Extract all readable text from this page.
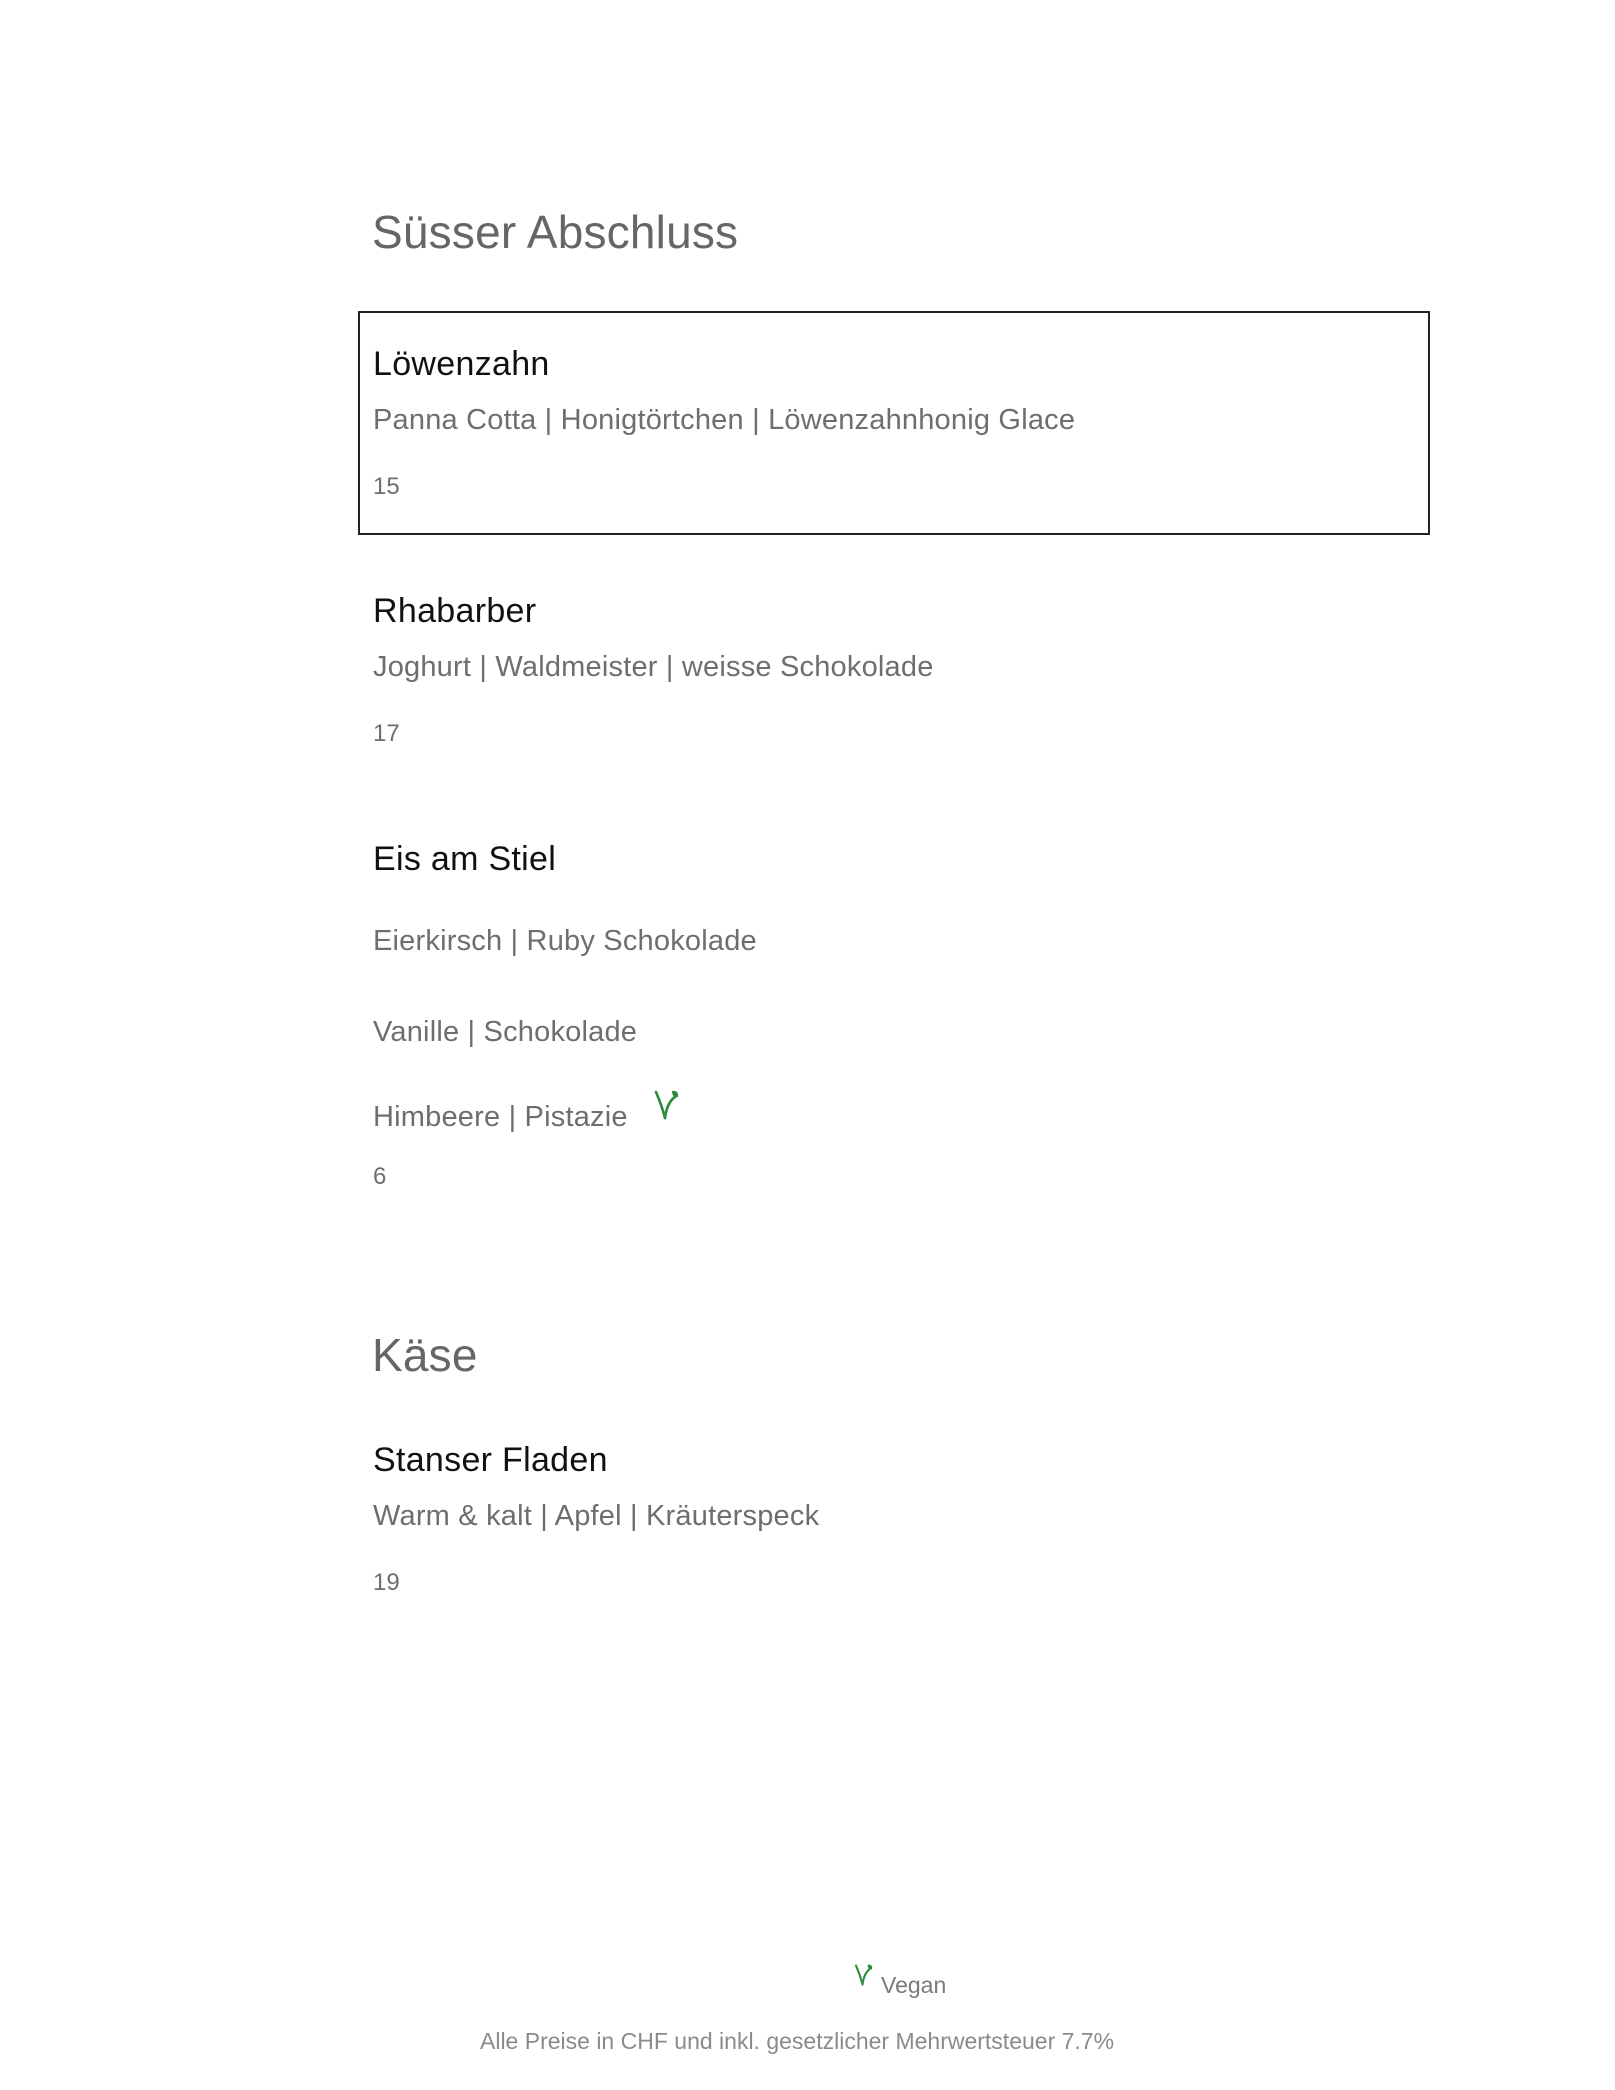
Süsser Abschluss
Löwenzahn
Panna Cotta | Honigtörtchen | Löwenzahnhonig Glace
15
Rhabarber
Joghurt | Waldmeister | weisse Schokolade
17
Eis am Stiel
Eierkirsch | Ruby Schokolade
Vanille | Schokolade
Himbeere | Pistazie
6
Käse
Stanser Fladen
Warm & kalt | Apfel | Kräuterspeck
19
Vegan
Alle Preise in CHF und inkl. gesetzlicher Mehrwertsteuer 7.7%
